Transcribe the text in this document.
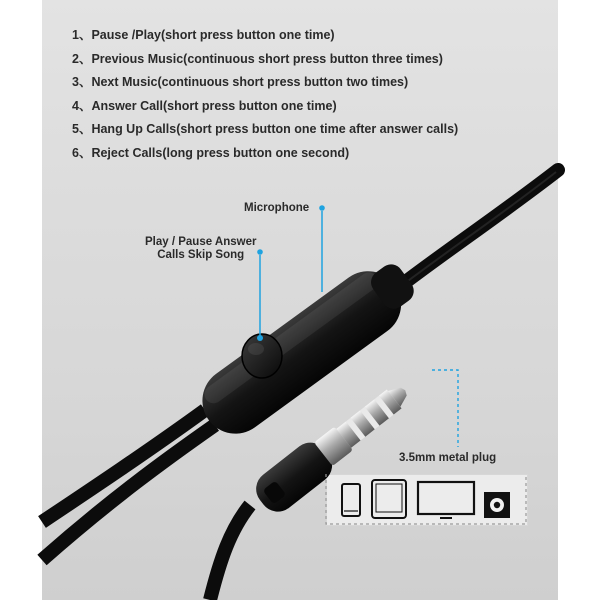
1、Pause /Play(short press button one time)
2、Previous Music(continuous short press button three times)
3、Next Music(continuous short press button two times)
4、Answer Call(short press button one time)
5、Hang Up Calls(short press button one time after answer calls)
6、Reject Calls(long press button one second)
Microphone
Play / Pause Answer
Calls Skip Song
3.5mm metal plug
